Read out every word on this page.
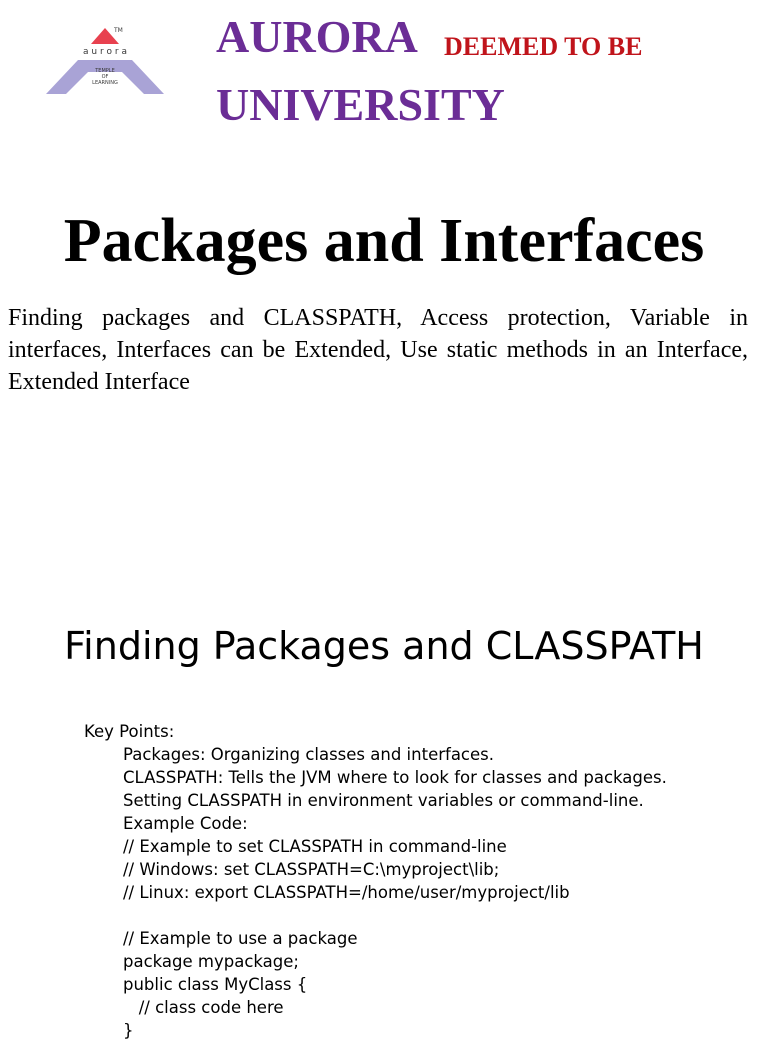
TM
a u r o r a
TEMPLE
OF
LEARNING
AURORA DEEMED TO BE
UNIVERSITY
Packages and Interfaces
Finding packages and CLASSPATH, Access protection, Variable in interfaces, Interfaces can be Extended, Use static methods in an Interface, Extended Interface
Finding Packages and CLASSPATH
Key Points:
Packages: Organizing classes and interfaces.
CLASSPATH: Tells the JVM where to look for classes and packages.
Setting CLASSPATH in environment variables or command-line.
Example Code:
// Example to set CLASSPATH in command-line
// Windows: set CLASSPATH=C:\myproject\lib;
// Linux: export CLASSPATH=/home/user/myproject/lib
// Example to use a package
package mypackage;
public class MyClass {
// class code here
}
